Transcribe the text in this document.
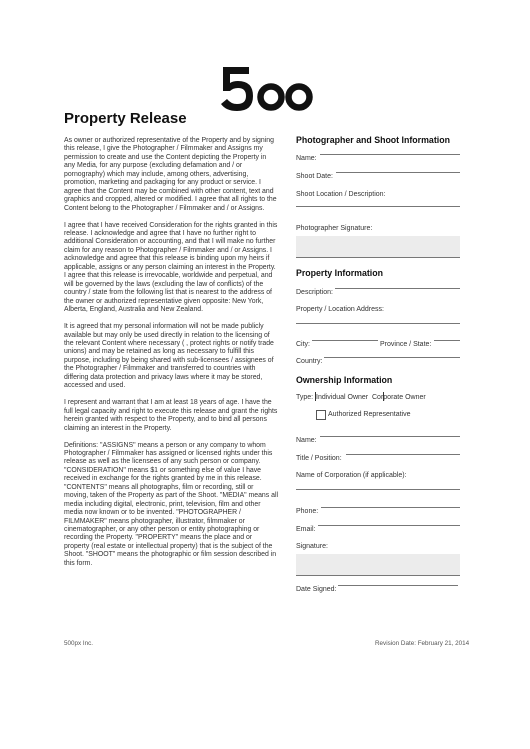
Property Release

As owner or authorized representative of the Property and by signing this release, I give the Photographer / Filmmaker and Assigns my permission to create and use the Content depicting the Property in any Media, for any purpose (excluding defamation and / or pornography) which may include, among others, advertising, promotion, marketing and packaging for any product or service. I agree that the Content may be combined with other content, text and graphics and cropped, altered or modified. I agree that all rights to the Content belong to the Photographer / Filmmaker and / or Assigns.

I agree that I have received Consideration for the rights granted in this release. I acknowledge and agree that I have no further right to additional Consideration or accounting, and that I will make no further claim for any reason to Photographer / Filmmaker and / or Assigns. I acknowledge and agree that this release is binding upon my heirs if applicable, assigns or any person claiming an interest in the Property. I agree that this release is irrevocable, worldwide and perpetual, and will be governed by the laws (excluding the law of conflicts) of the country / state from the following list that is nearest to the address of the owner or authorized representative given opposite: New York, Alberta, England, Australia and New Zealand.

It is agreed that my personal information will not be made publicly available but may only be used directly in relation to the licensing of the relevant Content where necessary ( , protect rights or notify trade unions) and may be retained as long as necessary to fulfill this purpose, including by being shared with sub-licensees / assignees of the Photographer / Filmmaker and transferred to countries with differing data protection and privacy laws where it may be stored, accessed and used.

I represent and warrant that I am at least 18 years of age. I have the full legal capacity and right to execute this release and grant the rights herein granted with respect to the Property, and to bind all persons claiming an interest in the Property.

Definitions: "ASSIGNS" means a person or any company to whom Photographer / Filmmaker has assigned or licensed rights under this release as well as the licensees of any such person or company. "CONSIDERATION" means $1 or something else of value I have received in exchange for the rights granted by me in this release. "CONTENTS" means all photographs, film or recording, still or moving, taken of the Property as part of the Shoot. "MEDIA" means all media including digital, electronic, print, television, film and other media now known or to be invented. "PHOTOGRAPHER / FILMMAKER" means photographer, illustrator, filmmaker or cinematographer, or any other person or entity photographing or recording the Property. "PROPERTY" means the place and or property (real estate or intellectual property) that is the subject of the Shoot. "SHOOT" means the photographic or film session described in this form.

Photographer and Shoot Information
Name:
Shoot Date:
Shoot Location / Description:
Photographer Signature:
Property Information
Description:
Property / Location Address:
City:	Province / State:
Country:
Ownership Information
Type: Individual Owner Corporate Owner
Authorized Representative
Name:
Title / Position:
Name of Corporation (if applicable):
Phone:
Email:
Signature:
Date Signed:
500px Inc.	Revision Date: February 21, 2014
